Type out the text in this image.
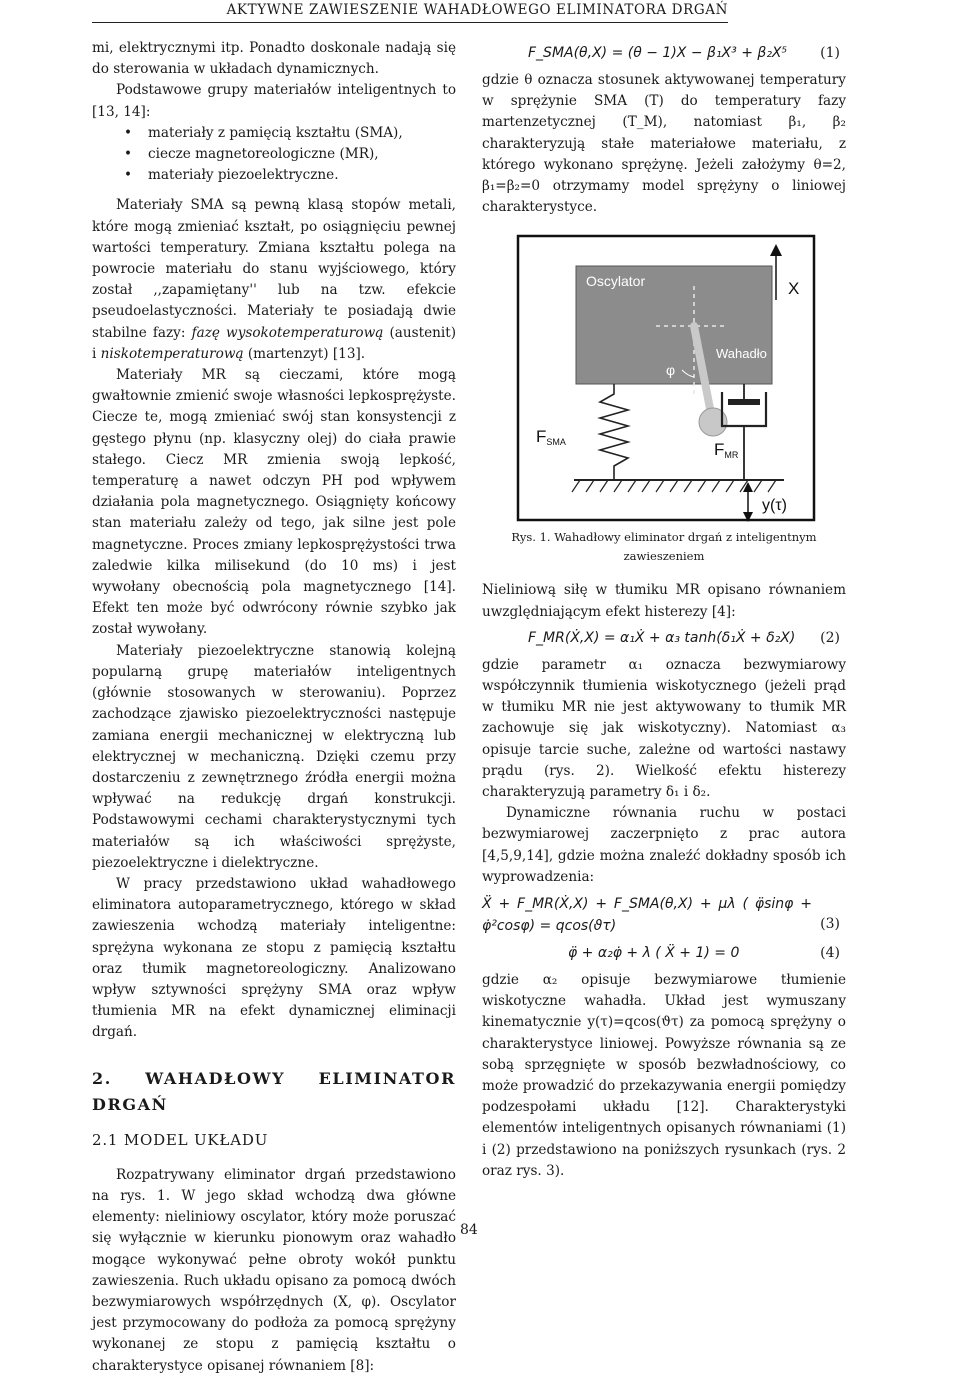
AKTYWNE ZAWIESZENIE WAHADŁOWEGO ELIMINATORA DRGAŃ

mi, elektrycznymi itp. Ponadto doskonale nadają się do sterowania w układach dynamicznych.

Podstawowe grupy materiałów inteligentnych to [13, 14]:

• materiały z pamięcią kształtu (SMA),
• ciecze magnetoreologiczne (MR),
• materiały piezoelektryczne.

Materiały SMA są pewną klasą stopów metali, które mogą zmieniać kształt, po osiągnięciu pewnej wartości temperatury. Zmiana kształtu polega na powrocie materiału do stanu wyjściowego, który został ,,zapamiętany'' lub na tzw. efekcie pseudoelastyczności. Materiały te posiadają dwie stabilne fazy: fazę wysokotemperaturową (austenit) i niskotemperaturową (martenzyt) [13].

Materiały MR są cieczami, które mogą gwałtownie zmienić swoje własności lepkosprężyste. Ciecze te, mogą zmieniać swój stan konsystencji z gęstego płynu (np. klasyczny olej) do ciała prawie stałego. Ciecz MR zmienia swoją lepkość, temperaturę a nawet odczyn PH pod wpływem działania pola magnetycznego. Osiągnięty końcowy stan materiału zależy od tego, jak silne jest pole magnetyczne. Proces zmiany lepkosprężystości trwa zaledwie kilka milisekund (do 10 ms) i jest wywołany obecnością pola magnetycznego [14]. Efekt ten może być odwrócony równie szybko jak został wywołany.

Materiały piezoelektryczne stanowią kolejną popularną grupę materiałów inteligentnych (głównie stosowanych w sterowaniu). Poprzez zachodzące zjawisko piezoelektryczności następuje zamiana energii mechanicznej w elektryczną lub elektrycznej w mechaniczną. Dzięki czemu przy dostarczeniu z zewnętrznego źródła energii można wpływać na redukcję drgań konstrukcji. Podstawowymi cechami charakterystycznymi tych materiałów są ich właściwości sprężyste, piezoelektryczne i dielektryczne.

W pracy przedstawiono układ wahadłowego eliminatora autoparametrycznego, którego w skład zawieszenia wchodzą materiały inteligentne: sprężyna wykonana ze stopu z pamięcią kształtu oraz tłumik magnetoreologiczny. Analizowano wpływ sztywności sprężyny SMA oraz wpływ tłumienia MR na efekt dynamicznej eliminacji drgań.

2. WAHADŁOWY ELIMINATOR DRGAŃ
2.1 MODEL UKŁADU

Rozpatrywany eliminator drgań przedstawiono na rys. 1. W jego skład wchodzą dwa główne elementy: nieliniowy oscylator, który może poruszać się wyłącznie w kierunku pionowym oraz wahadło mogące wykonywać pełne obroty wokół punktu zawieszenia. Ruch układu opisano za pomocą dwóch bezwymiarowych współrzędnych (X, φ). Oscylator jest przymocowany do podłoża za pomocą sprężyny wykonanej ze stopu z pamięcią kształtu o charakterystyce opisanej równaniem [8]:

F_SMA(θ,X) = (θ − 1)X − β₁X³ + β₂X⁵ (1)

gdzie θ oznacza stosunek aktywowanej temperatury w sprężynie SMA (T) do temperatury fazy martenzetycznej (T_M), natomiast β₁, β₂ charakteryzują stałe materiałowe materiału, z którego wykonano sprężynę. Jeżeli założymy θ=2, β₁=β₂=0 otrzymamy model sprężyny o liniowej charakterystyce.

Oscylator	X
Wahadło
φ
FSMA	FMR
y(τ)
Rys. 1. Wahadłowy eliminator drgań z inteligentnym zawieszeniem

Nieliniową siłę w tłumiku MR opisano równaniem uwzględniającym efekt histerezy [4]:

F_MR(Ẋ,X) = α₁Ẋ + α₃ tanh(δ₁Ẋ + δ₂X) (2)

gdzie parametr α₁ oznacza bezwymiarowy współczynnik tłumienia wiskotycznego (jeżeli prąd w tłumiku MR nie jest aktywowany to tłumik MR zachowuje się jak wiskotyczny). Natomiast α₃ opisuje tarcie suche, zależne od wartości nastawy prądu (rys. 2). Wielkość efektu histerezy charakteryzują parametry δ₁ i δ₂.

Dynamiczne równania ruchu w postaci bezwymiarowej zaczerpnięto z prac autora [4,5,9,14], gdzie można znaleźć dokładny sposób ich wyprowadzenia:

Ẍ + F_MR(Ẋ,X) + F_SMA(θ,X) + μλ ( φ̈sinφ + φ̇²cosφ) = qcos(ϑτ)	(3)
φ̈ + α₂φ̇ + λ ( Ẍ + 1) = 0	(4)

gdzie α₂ opisuje bezwymiarowe tłumienie wiskotyczne wahadła. Układ jest wymuszany kinematycznie y(τ)=qcos(ϑτ) za pomocą sprężyny o charakterystyce liniowej. Powyższe równania są ze sobą sprzęgnięte w sposób bezwładnościowy, co może prowadzić do przekazywania energii pomiędzy podzespołami układu [12]. Charakterystyki elementów inteligentnych opisanych równaniami (1) i (2) przedstawiono na poniższych rysunkach (rys. 2 oraz rys. 3).

84
